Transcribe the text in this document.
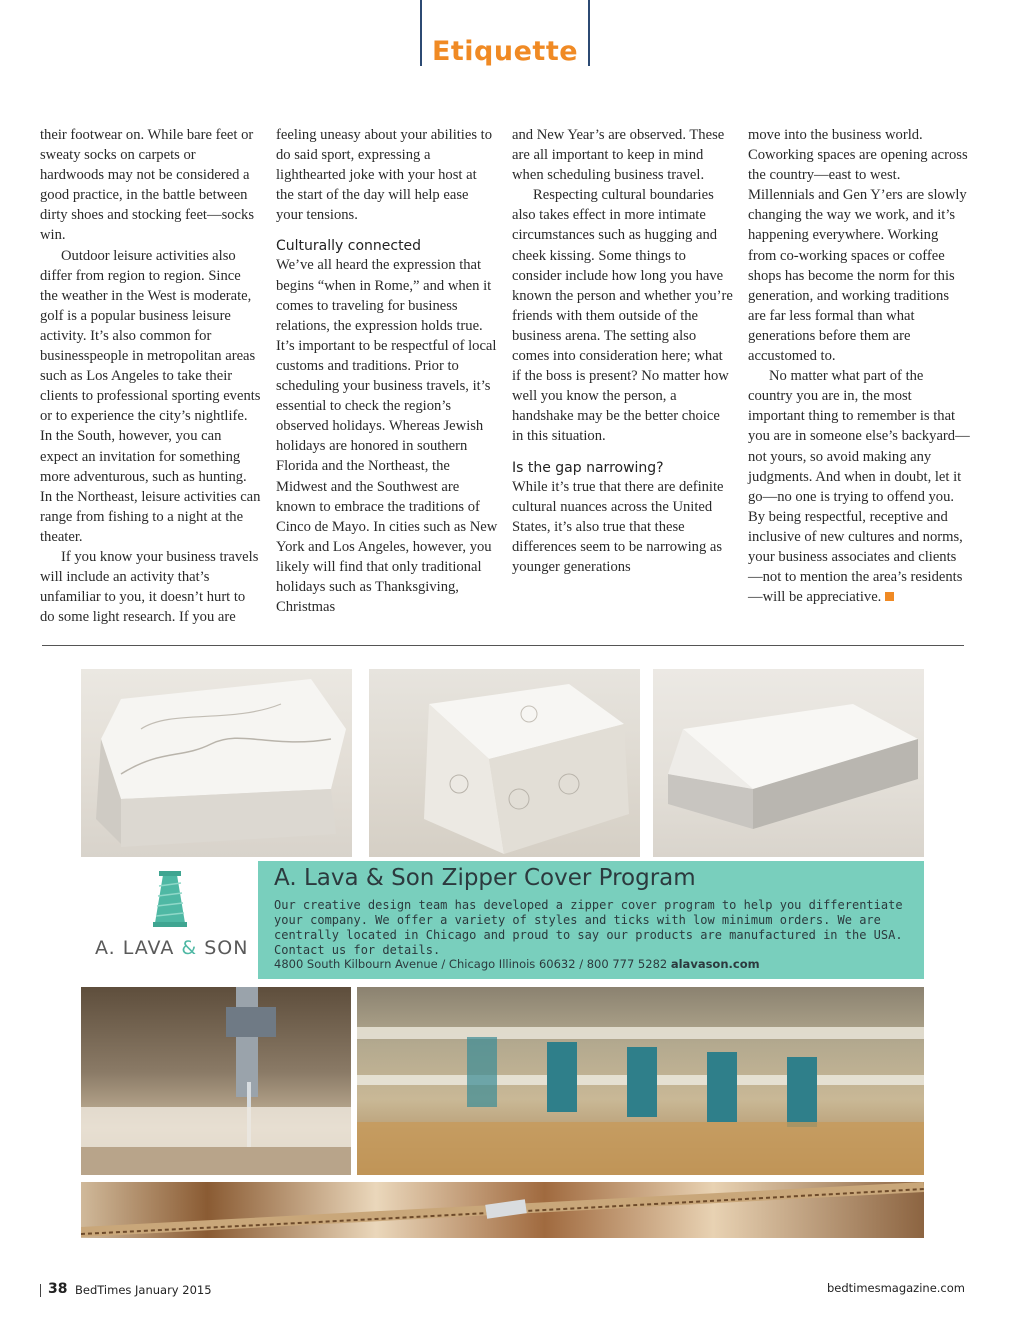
Etiquette

their footwear on. While bare feet or sweaty socks on carpets or hardwoods may not be considered a good practice, in the battle between dirty shoes and stocking feet—socks win.

Outdoor leisure activities also differ from region to region. Since the weather in the West is moderate, golf is a popular business leisure activity. It’s also common for businesspeople in metropolitan areas such as Los Angeles to take their clients to professional sporting events or to experience the city’s nightlife. In the South, however, you can expect an invitation for something more adventurous, such as hunting. In the Northeast, leisure activities can range from fishing to a night at the theater.

If you know your business travels will include an activity that’s unfamiliar to you, it doesn’t hurt to do some light research. If you are

feeling uneasy about your abilities to do said sport, expressing a lighthearted joke with your host at the start of the day will help ease your tensions.

Culturally connected

We’ve all heard the expression that begins “when in Rome,” and when it comes to traveling for business relations, the expression holds true. It’s important to be respectful of local customs and traditions. Prior to scheduling your business travels, it’s essential to check the region’s observed holidays. Whereas Jewish holidays are honored in southern Florida and the Northeast, the Midwest and the Southwest are known to embrace the traditions of Cinco de Mayo. In cities such as New York and Los Angeles, however, you likely will find that only traditional holidays such as Thanksgiving, Christmas

and New Year’s are observed. These are all important to keep in mind when scheduling business travel.

Respecting cultural boundaries also takes effect in more intimate circumstances such as hugging and cheek kissing. Some things to consider include how long you have known the person and whether you’re friends with them outside of the business arena. The setting also comes into consideration here; what if the boss is present? No matter how well you know the person, a handshake may be the better choice in this situation.

Is the gap narrowing?

While it’s true that there are definite cultural nuances across the United States, it’s also true that these differences seem to be narrowing as younger generations

move into the business world. Coworking spaces are opening across the country—east to west. Millennials and Gen Y’ers are slowly changing the way we work, and it’s happening everywhere. Working from co-working spaces or coffee shops has become the norm for this generation, and working traditions are far less formal than what generations before them are accustomed to.

No matter what part of the country you are in, the most important thing to remember is that you are in someone else’s backyard—not yours, so avoid making any judgments. And when in doubt, let it go—no one is trying to offend you. By being respectful, receptive and inclusive of new cultures and norms, your business associates and clients—not to mention the area’s residents—will be appreciative.

A. LAVA & SON
A. Lava & Son Zipper Cover Program
Our creative design team has developed a zipper cover program to help you differentiate your company. We offer a variety of styles and ticks with low minimum orders. We are centrally located in Chicago and proud to say our products are manufactured in the USA. Contact us for details.
4800 South Kilbourn Avenue / Chicago Illinois 60632 / 800 777 5282 alavason.com
38 BedTimes January 2015	bedtimesmagazine.com
